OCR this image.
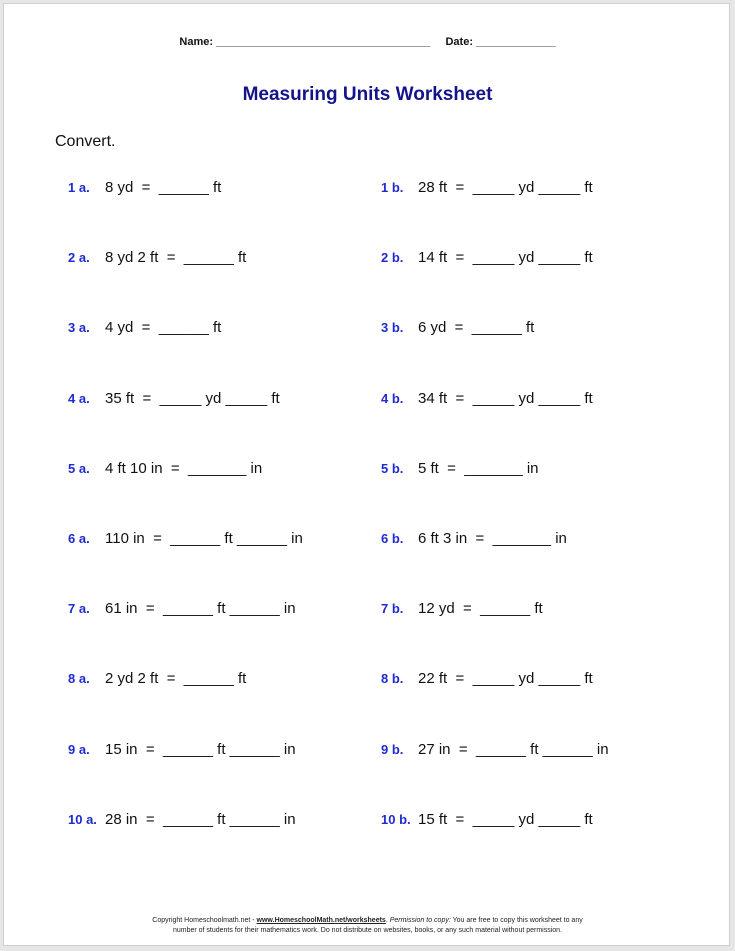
Name: ___________________________________ Date: _____________
Measuring Units Worksheet
Convert.
1 a. 8 yd  =  ______ ft	1 b. 28 ft  =  _____ yd _____ ft
2 a. 8 yd 2 ft  =  ______ ft	2 b. 14 ft  =  _____ yd _____ ft
3 a. 4 yd  =  ______ ft	3 b. 6 yd  =  ______ ft
4 a. 35 ft  =  _____ yd _____ ft	4 b. 34 ft  =  _____ yd _____ ft
5 a. 4 ft 10 in  =  _______ in	5 b. 5 ft  =  _______ in
6 a. 110 in  =  ______ ft ______ in	6 b. 6 ft 3 in  =  _______ in
7 a. 61 in  =  ______ ft ______ in	7 b. 12 yd  =  ______ ft
8 a. 2 yd 2 ft  =  ______ ft	8 b. 22 ft  =  _____ yd _____ ft
9 a. 15 in  =  ______ ft ______ in	9 b. 27 in  =  ______ ft ______ in
10 a. 28 in  =  ______ ft ______ in	10 b. 15 ft  =  _____ yd _____ ft
Copyright Homeschoolmath.net - www.HomeschoolMath.net/worksheets. Permission to copy: You are free to copy this worksheet to any
number of students for their mathematics work. Do not distribute on websites, books, or any such material without permission.
